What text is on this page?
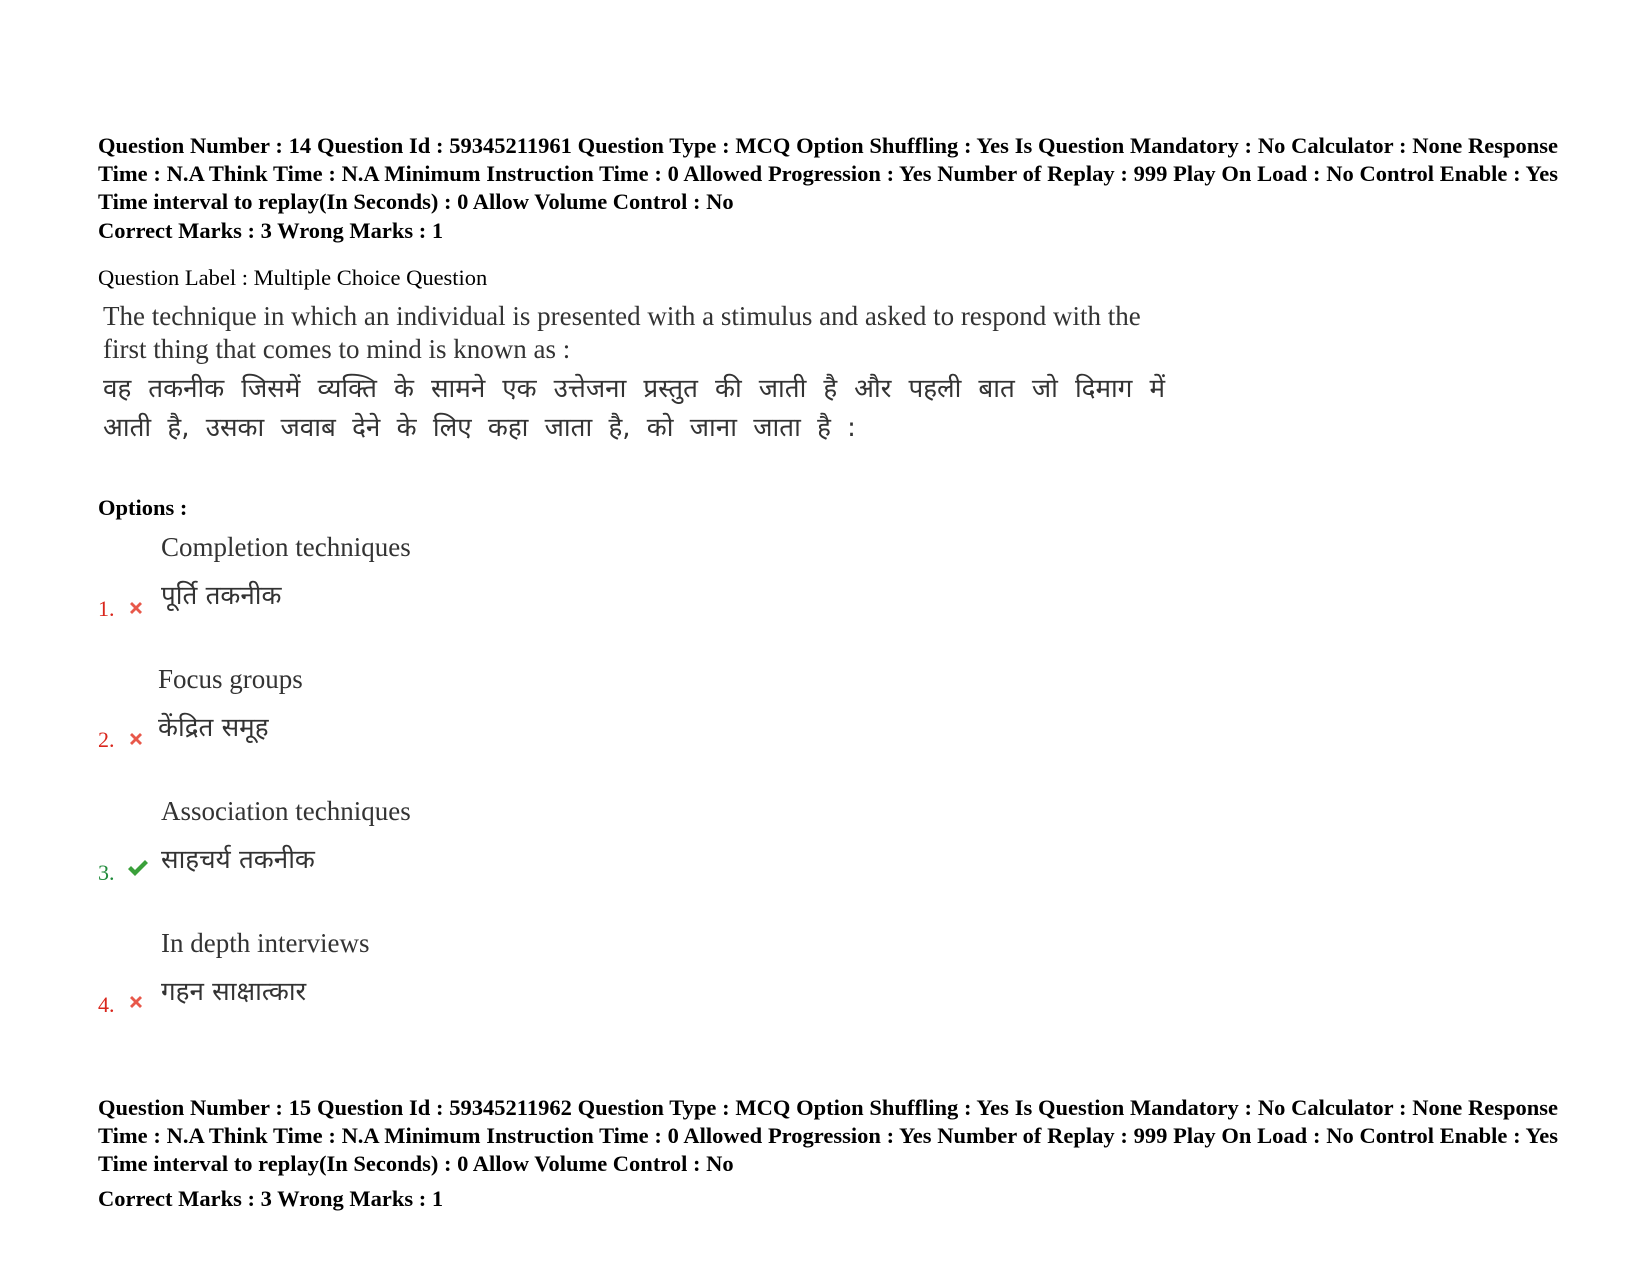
Question Number : 14 Question Id : 59345211961 Question Type : MCQ Option Shuffling : Yes Is Question Mandatory : No Calculator : None Response Time : N.A Think Time : N.A Minimum Instruction Time : 0 Allowed Progression : Yes Number of Replay : 999 Play On Load : No Control Enable : Yes Time interval to replay(In Seconds) : 0 Allow Volume Control : No
Correct Marks : 3 Wrong Marks : 1
Question Label : Multiple Choice Question
The technique in which an individual is presented with a stimulus and asked to respond with the first thing that comes to mind is known as :
वह तकनीक जिसमें व्यक्ति के सामने एक उत्तेजना प्रस्तुत की जाती है और पहली बात जो दिमाग में आती है, उसका जवाब देने के लिए कहा जाता है, को जाना जाता है :
Options :
1.
Completion techniques
पूर्ति तकनीक
2.
Focus groups
केंद्रित समूह
3.
Association techniques
साहचर्य तकनीक
4.
In depth interviews
गहन साक्षात्कार
Question Number : 15 Question Id : 59345211962 Question Type : MCQ Option Shuffling : Yes Is Question Mandatory : No Calculator : None Response Time : N.A Think Time : N.A Minimum Instruction Time : 0 Allowed Progression : Yes Number of Replay : 999 Play On Load : No Control Enable : Yes Time interval to replay(In Seconds) : 0 Allow Volume Control : No
Correct Marks : 3 Wrong Marks : 1
